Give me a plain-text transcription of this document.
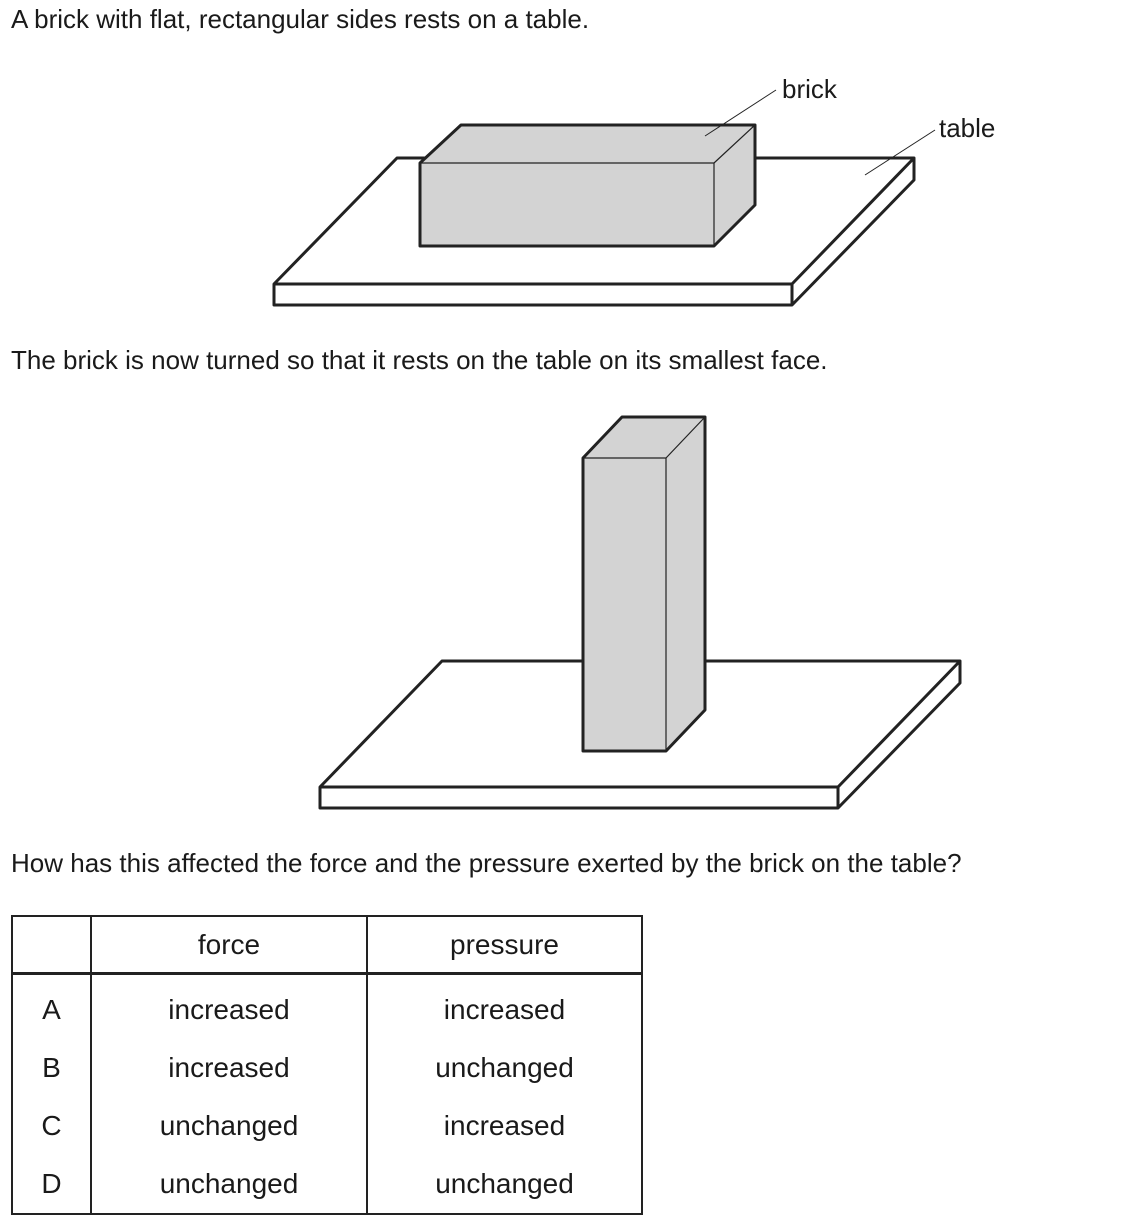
A brick with flat, rectangular sides rests on a table.
brick
table
The brick is now turned so that it rests on the table on its smallest face.
How has this affected the force and the pressure exerted by the brick on the table?
	force	pressure
A	increased	increased
B	increased	unchanged
C	unchanged	increased
D	unchanged	unchanged
